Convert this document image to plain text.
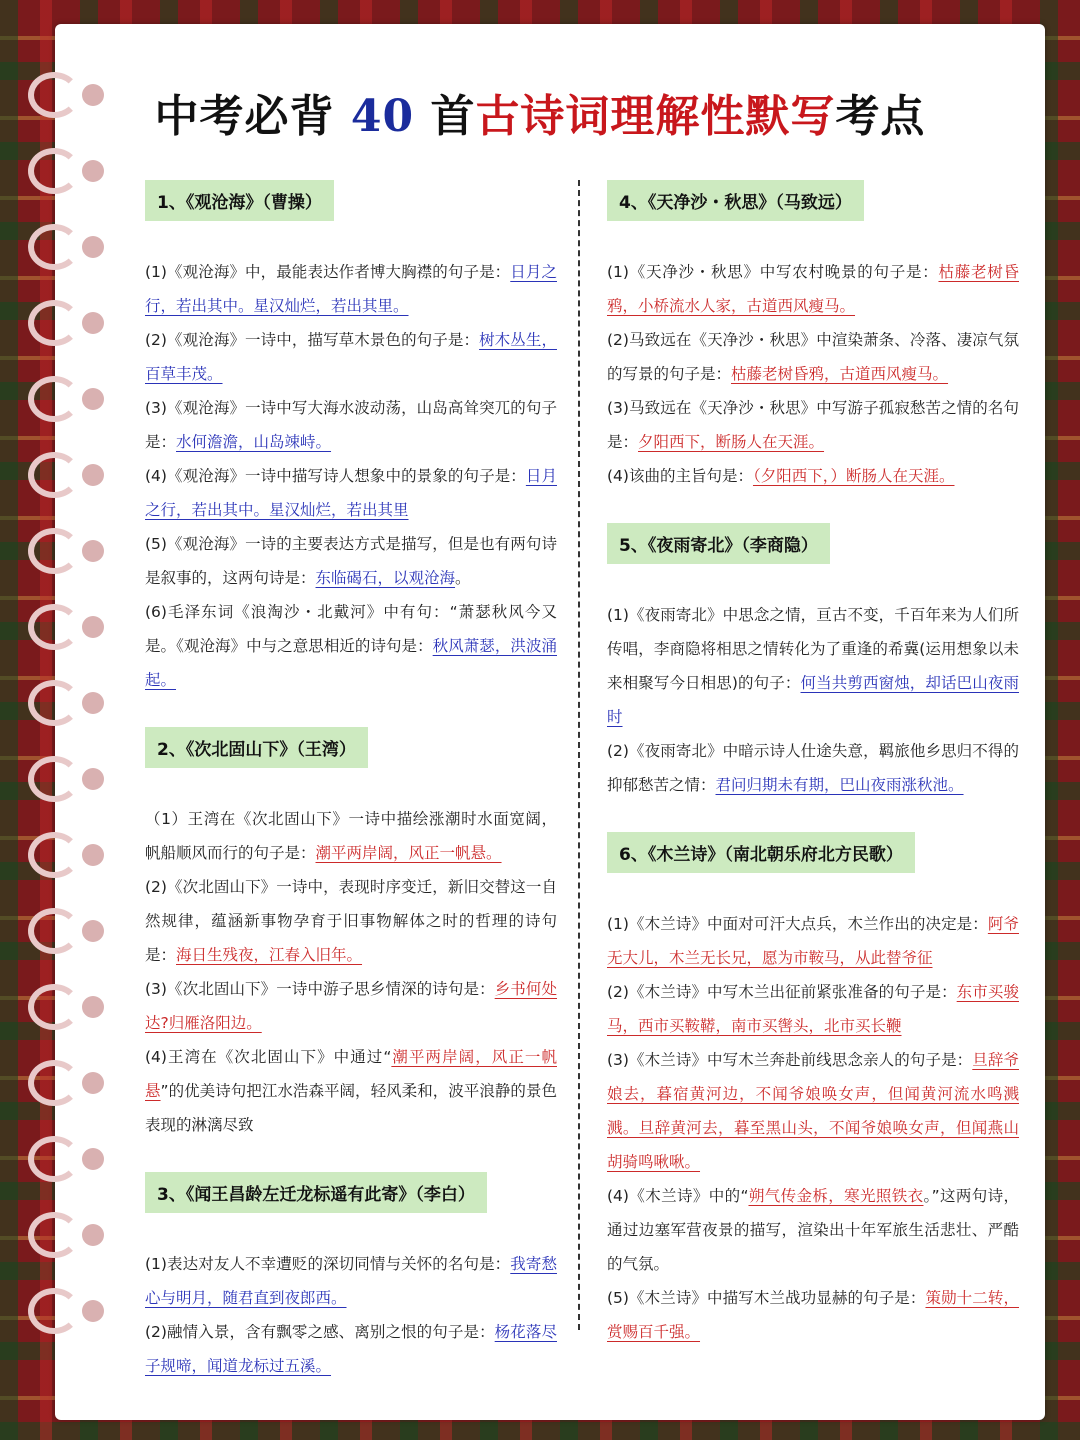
中考必背 40 首古诗词理解性默写考点
1、《观沧海》（曹操）

(1)《观沧海》中，最能表达作者博大胸襟的句子是：日月之行，若出其中。星汉灿烂，若出其里。

(2)《观沧海》一诗中，描写草木景色的句子是：树木丛生，百草丰茂。

(3)《观沧海》一诗中写大海水波动荡，山岛高耸突兀的句子是：水何澹澹，山岛竦峙。

(4)《观沧海》一诗中描写诗人想象中的景象的句子是：日月之行，若出其中。星汉灿烂，若出其里

(5)《观沧海》一诗的主要表达方式是描写，但是也有两句诗是叙事的，这两句诗是：东临碣石，以观沧海。

(6)毛泽东词《浪淘沙・北戴河》中有句：“萧瑟秋风今又是。《观沧海》中与之意思相近的诗句是：秋风萧瑟，洪波涌起。

2、《次北固山下》（王湾）

（1）王湾在《次北固山下》一诗中描绘涨潮时水面宽阔，帆船顺风而行的句子是：潮平两岸阔，风正一帆悬。

(2)《次北固山下》一诗中，表现时序变迁，新旧交替这一自然规律，蕴涵新事物孕育于旧事物解体之时的哲理的诗句是：海日生残夜，江春入旧年。

(3)《次北固山下》一诗中游子思乡情深的诗句是：乡书何处达?归雁洛阳边。

(4)王湾在《次北固山下》中通过“潮平两岸阔，风正一帆悬”的优美诗句把江水浩森平阔，轻风柔和，波平浪静的景色表现的淋漓尽致

3、《闻王昌龄左迁龙标遥有此寄》（李白）

(1)表达对友人不幸遭贬的深切同情与关怀的名句是：我寄愁心与明月，随君直到夜郎西。

(2)融情入景，含有飘零之感、离别之恨的句子是：杨花落尽子规啼，闻道龙标过五溪。

4、《天净沙・秋思》（马致远）

(1)《天净沙・秋思》中写农村晚景的句子是：枯藤老树昏鸦，小桥流水人家，古道西风瘦马。

(2)马致远在《天净沙・秋思》中渲染萧条、冷落、凄凉气氛的写景的句子是：枯藤老树昏鸦，古道西风瘦马。

(3)马致远在《天净沙・秋思》中写游子孤寂愁苦之情的名句是：夕阳西下，断肠人在天涯。

(4)该曲的主旨句是：（夕阳西下，）断肠人在天涯。

5、《夜雨寄北》（李商隐）

(1)《夜雨寄北》中思念之情，亘古不变，千百年来为人们所传唱，李商隐将相思之情转化为了重逢的希冀(运用想象以未来相聚写今日相思)的句子：何当共剪西窗烛，却话巴山夜雨时

(2)《夜雨寄北》中暗示诗人仕途失意，羁旅他乡思归不得的抑郁愁苦之情：君问归期未有期，巴山夜雨涨秋池。

6、《木兰诗》（南北朝乐府北方民歌）

(1)《木兰诗》中面对可汗大点兵，木兰作出的决定是：阿爷无大儿，木兰无长兄，愿为市鞍马，从此替爷征

(2)《木兰诗》中写木兰出征前紧张准备的句子是：东市买骏马，西市买鞍鞯，南市买辔头，北市买长鞭

(3)《木兰诗》中写木兰奔赴前线思念亲人的句子是：旦辞爷娘去，暮宿黄河边，不闻爷娘唤女声，但闻黄河流水鸣溅溅。旦辞黄河去，暮至黑山头，不闻爷娘唤女声，但闻燕山胡骑鸣啾啾。

(4)《木兰诗》中的“朔气传金柝，寒光照铁衣。”这两句诗，通过边塞军营夜景的描写，渲染出十年军旅生活悲壮、严酷的气氛。

(5)《木兰诗》中描写木兰战功显赫的句子是：策勋十二转，赏赐百千强。
